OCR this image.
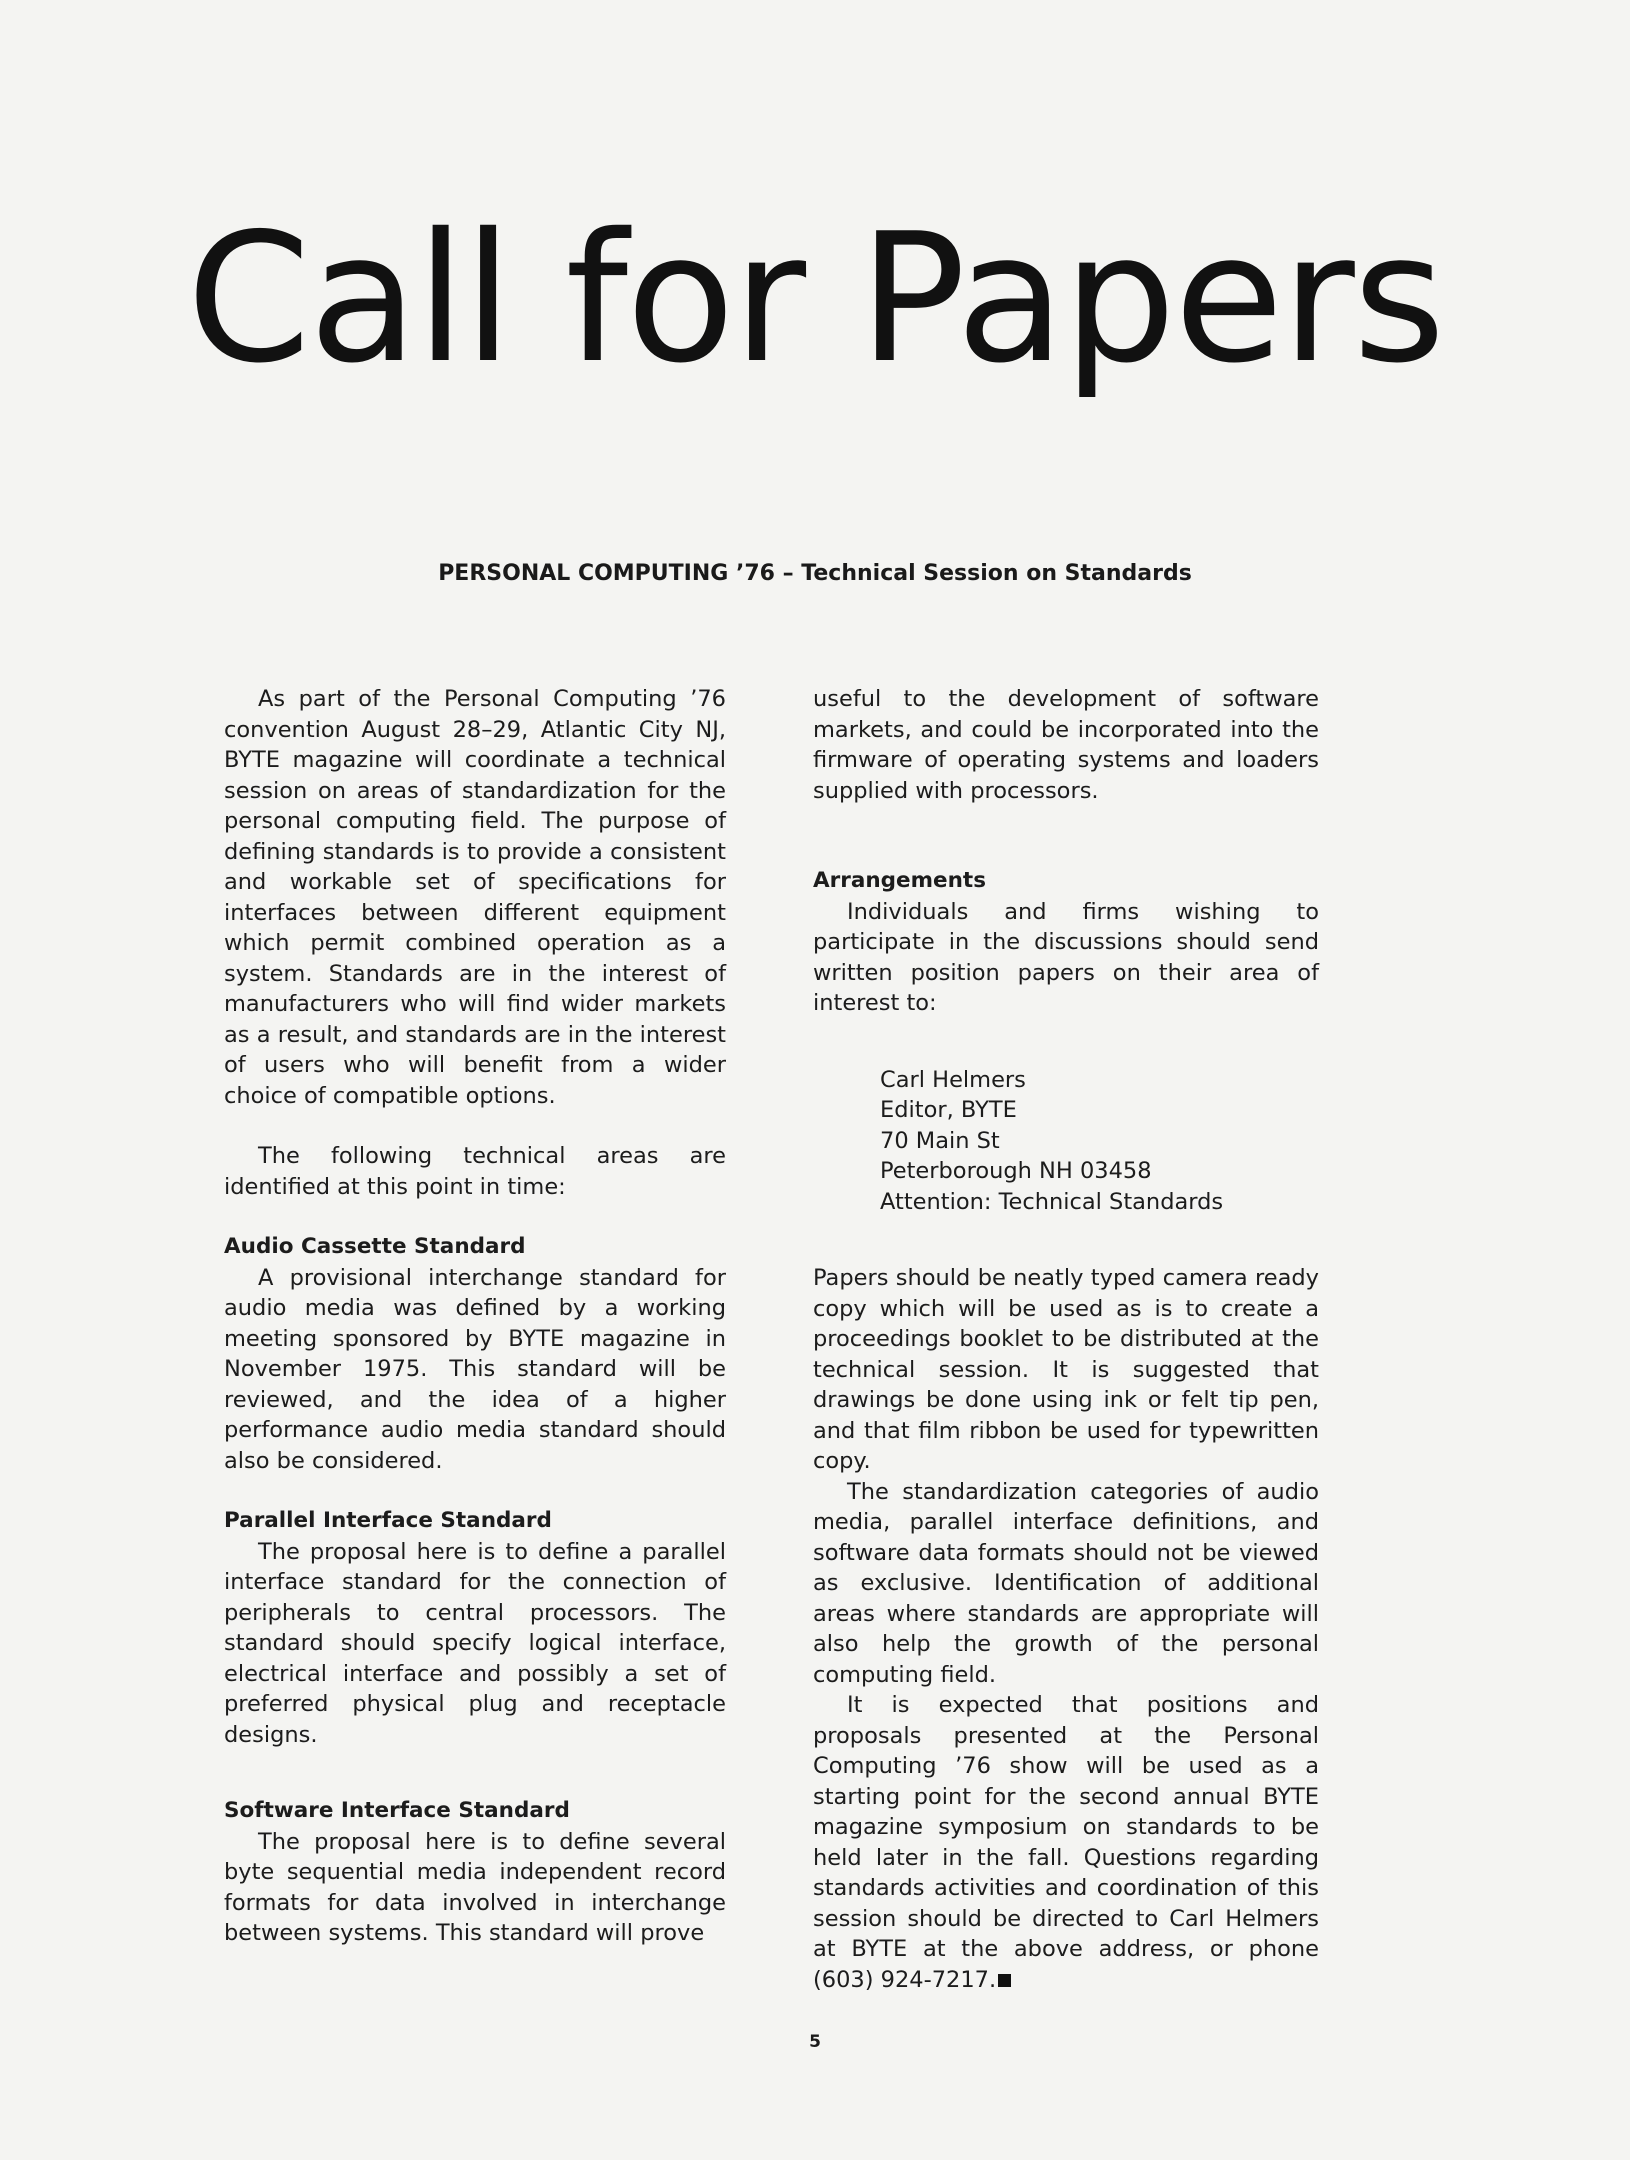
Call for Papers
PERSONAL COMPUTING ’76 – Technical Session on Standards

As part of the Personal Computing ’76 convention August 28–29, Atlantic City NJ, BYTE magazine will coordinate a technical session on areas of standardization for the personal computing field. The purpose of defining standards is to provide a consistent and workable set of specifications for interfaces between different equipment which permit combined operation as a system. Standards are in the interest of manufacturers who will find wider markets as a result, and standards are in the interest of users who will benefit from a wider choice of compatible options.

The following technical areas are identified at this point in time:

Audio Cassette Standard

A provisional interchange standard for audio media was defined by a working meeting sponsored by BYTE magazine in November 1975. This standard will be reviewed, and the idea of a higher performance audio media standard should also be considered.

Parallel Interface Standard

The proposal here is to define a parallel interface standard for the connection of peripherals to central processors. The standard should specify logical interface, electrical interface and possibly a set of preferred physical plug and receptacle designs.

Software Interface Standard

The proposal here is to define several byte sequential media independent record formats for data involved in interchange between systems. This standard will prove

useful to the development of software markets, and could be incorporated into the firmware of operating systems and loaders supplied with processors.

Arrangements

Individuals and firms wishing to participate in the discussions should send written position papers on their area of interest to:

Carl Helmers
Editor, BYTE
70 Main St
Peterborough NH 03458
Attention: Technical Standards

Papers should be neatly typed camera ready copy which will be used as is to create a proceedings booklet to be distributed at the technical session. It is suggested that drawings be done using ink or felt tip pen, and that film ribbon be used for typewritten copy.

The standardization categories of audio media, parallel interface definitions, and software data formats should not be viewed as exclusive. Identification of additional areas where standards are appropriate will also help the growth of the personal computing field.

It is expected that positions and proposals presented at the Personal Computing ’76 show will be used as a starting point for the second annual BYTE magazine symposium on standards to be held later in the fall. Questions regarding standards activities and coordination of this session should be directed to Carl Helmers at BYTE at the above address, or phone (603) 924-7217.

5
